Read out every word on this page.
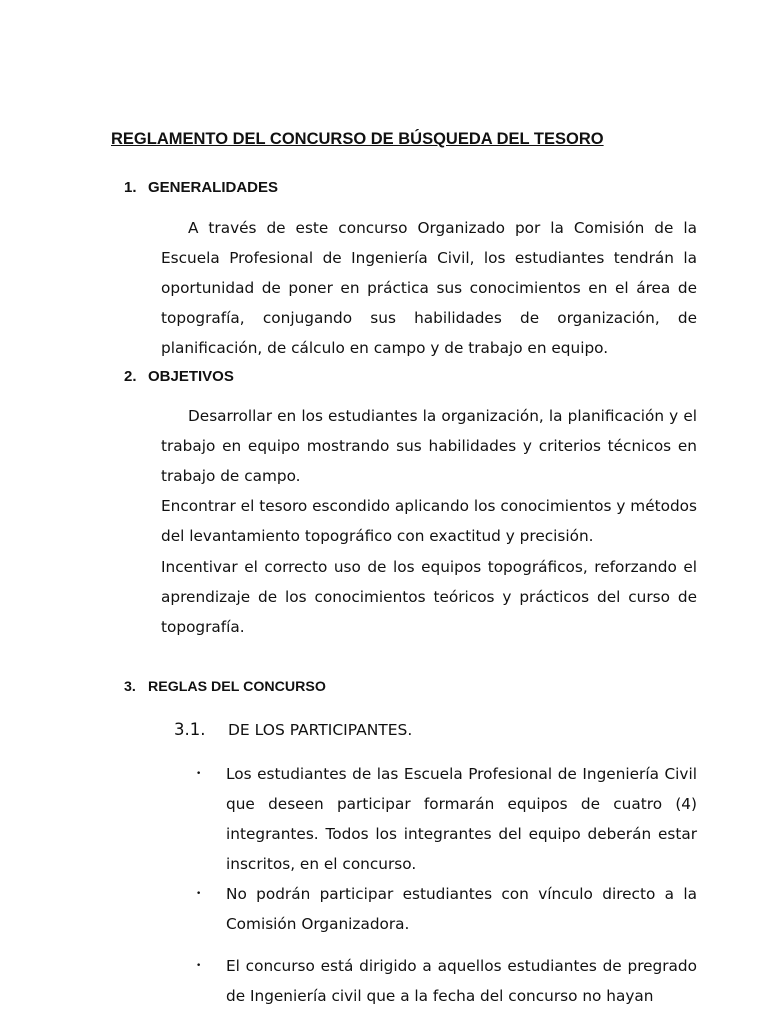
REGLAMENTO DEL CONCURSO DE BÚSQUEDA DEL TESORO
1. GENERALIDADES

A través de este concurso Organizado por la Comisión de la Escuela Profesional de Ingeniería Civil, los estudiantes tendrán la oportunidad de poner en práctica sus conocimientos en el área de topografía, conjugando sus habilidades de organización, de planificación, de cálculo en campo y de trabajo en equipo.

2. OBJETIVOS

Desarrollar en los estudiantes la organización, la planificación y el trabajo en equipo mostrando sus habilidades y criterios técnicos en trabajo de campo.

Encontrar el tesoro escondido aplicando los conocimientos y métodos del levantamiento topográfico con exactitud y precisión.

Incentivar el correcto uso de los equipos topográficos, reforzando el aprendizaje de los conocimientos teóricos y prácticos del curso de topografía.

3. REGLAS DEL CONCURSO
3.1. DE LOS PARTICIPANTES.
• Los estudiantes de las Escuela Profesional de Ingeniería Civil que deseen participar formarán equipos de cuatro (4) integrantes. Todos los integrantes del equipo deberán estar inscritos, en el concurso.

• No podrán participar estudiantes con vínculo directo a la Comisión Organizadora.

• El concurso está dirigido a aquellos estudiantes de pregrado de Ingeniería civil que a la fecha del concurso no hayan
